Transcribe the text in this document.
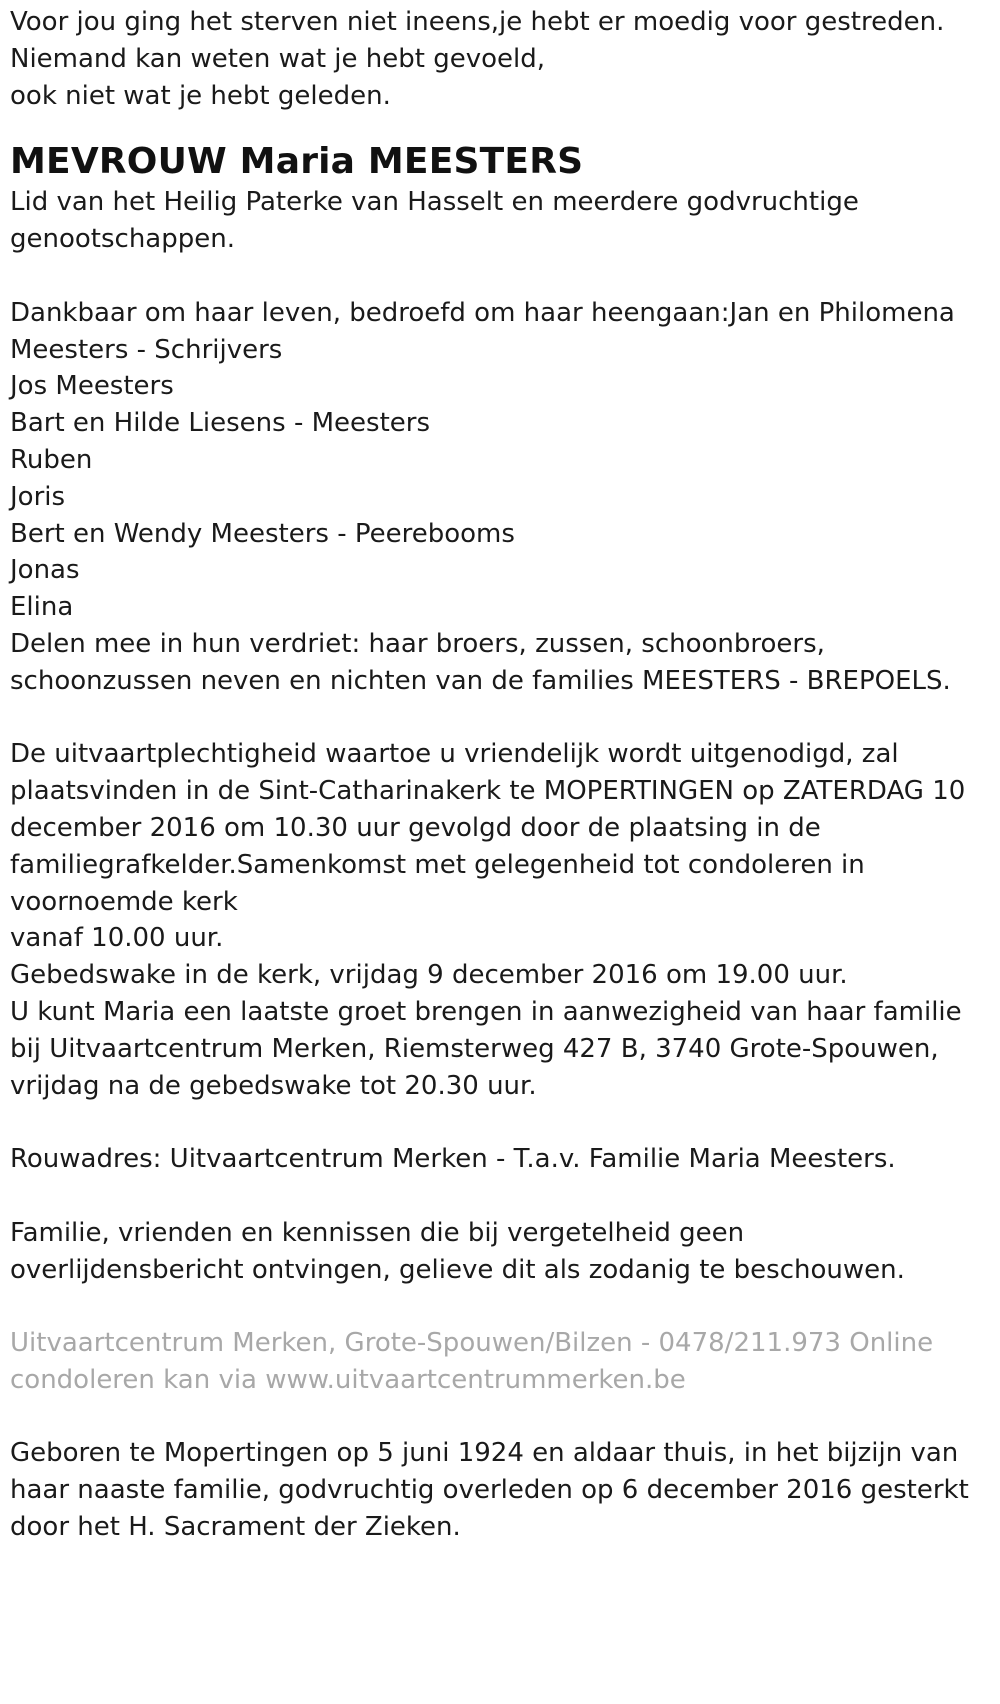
Voor jou ging het sterven niet ineens,je hebt er moedig voor gestreden.
Niemand kan weten wat je hebt gevoeld,
ook niet wat je hebt geleden.
MEVROUW Maria MEESTERS
Lid van het Heilig Paterke van Hasselt en meerdere godvruchtige
genootschappen.
Dankbaar om haar leven, bedroefd om haar heengaan:Jan en Philomena
Meesters - Schrijvers
Jos Meesters
Bart en Hilde Liesens - Meesters
Ruben
Joris
Bert en Wendy Meesters - Peerebooms
Jonas
Elina
Delen mee in hun verdriet: haar broers, zussen, schoonbroers,
schoonzussen neven en nichten van de families MEESTERS - BREPOELS.
De uitvaartplechtigheid waartoe u vriendelijk wordt uitgenodigd, zal
plaatsvinden in de Sint-Catharinakerk te MOPERTINGEN op ZATERDAG 10
december 2016 om 10.30 uur gevolgd door de plaatsing in de
familiegrafkelder.Samenkomst met gelegenheid tot condoleren in
voornoemde kerk
vanaf 10.00 uur.
Gebedswake in de kerk, vrijdag 9 december 2016 om 19.00 uur.
U kunt Maria een laatste groet brengen in aanwezigheid van haar familie
bij Uitvaartcentrum Merken, Riemsterweg 427 B, 3740 Grote-Spouwen,
vrijdag na de gebedswake tot 20.30 uur.
Rouwadres: Uitvaartcentrum Merken - T.a.v. Familie Maria Meesters.
Familie, vrienden en kennissen die bij vergetelheid geen
overlijdensbericht ontvingen, gelieve dit als zodanig te beschouwen.
Uitvaartcentrum Merken, Grote-Spouwen/Bilzen - 0478/211.973 Online
condoleren kan via www.uitvaartcentrummerken.be
Geboren te Mopertingen op 5 juni 1924 en aldaar thuis, in het bijzijn van
haar naaste familie, godvruchtig overleden op 6 december 2016 gesterkt
door het H. Sacrament der Zieken.
